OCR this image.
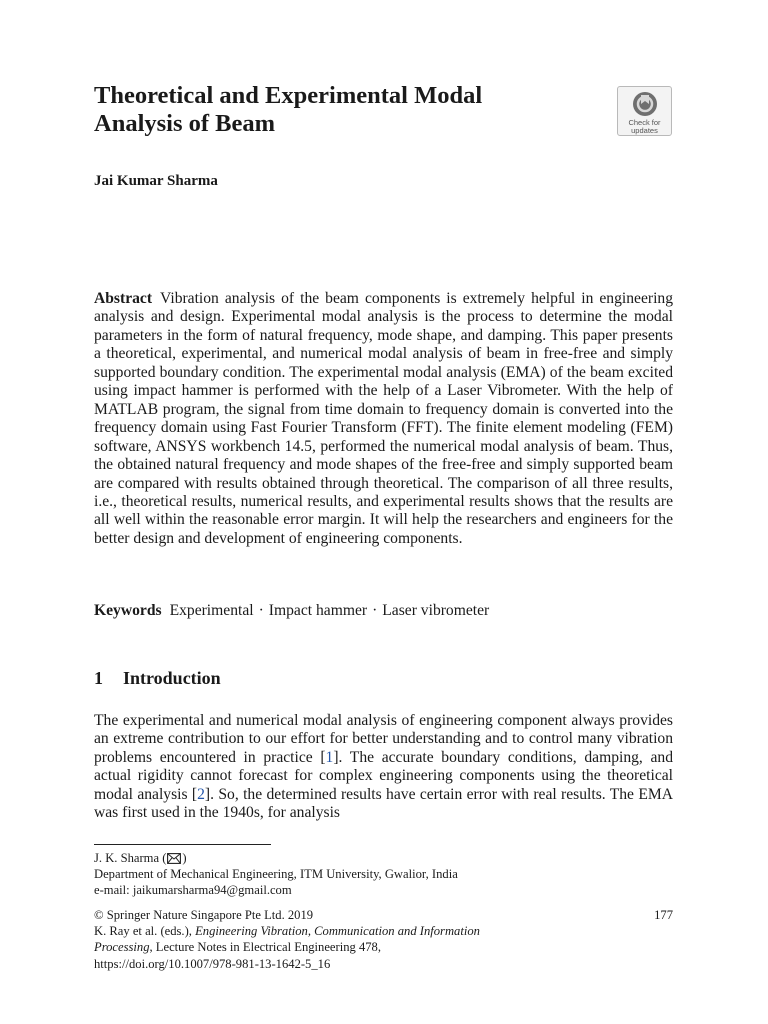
Theoretical and Experimental Modal
Analysis of Beam	Check for
updates

Jai Kumar Sharma

Abstract Vibration analysis of the beam components is extremely helpful in engineering analysis and design. Experimental modal analysis is the process to determine the modal parameters in the form of natural frequency, mode shape, and damping. This paper presents a theoretical, experimental, and numerical modal analysis of beam in free-free and simply supported boundary condition. The experimental modal analysis (EMA) of the beam excited using impact hammer is performed with the help of a Laser Vibrometer. With the help of MATLAB program, the signal from time domain to frequency domain is converted into the frequency domain using Fast Fourier Transform (FFT). The finite element modeling (FEM) software, ANSYS workbench 14.5, performed the numerical modal analysis of beam. Thus, the obtained natural frequency and mode shapes of the free-free and simply supported beam are compared with results obtained through theoretical. The comparison of all three results, i.e., theoretical results, numerical results, and experimental results shows that the results are all well within the reasonable error margin. It will help the researchers and engineers for the better design and development of engineering components.

Keywords Experimental · Impact hammer · Laser vibrometer

1 Introduction

The experimental and numerical modal analysis of engineering component always provides an extreme contribution to our effort for better understanding and to control many vibration problems encountered in practice [1]. The accurate boundary conditions, damping, and actual rigidity cannot forecast for complex engineering components using the theoretical modal analysis [2]. So, the determined results have certain error with real results. The EMA was first used in the 1940s, for analysis

J. K. Sharma ( )
Department of Mechanical Engineering, ITM University, Gwalior, India
e-mail: jaikumarsharma94@gmail.com
© Springer Nature Singapore Pte Ltd. 2019	177
K. Ray et al. (eds.), Engineering Vibration, Communication and Information
Processing, Lecture Notes in Electrical Engineering 478,
https://doi.org/10.1007/978-981-13-1642-5_16
